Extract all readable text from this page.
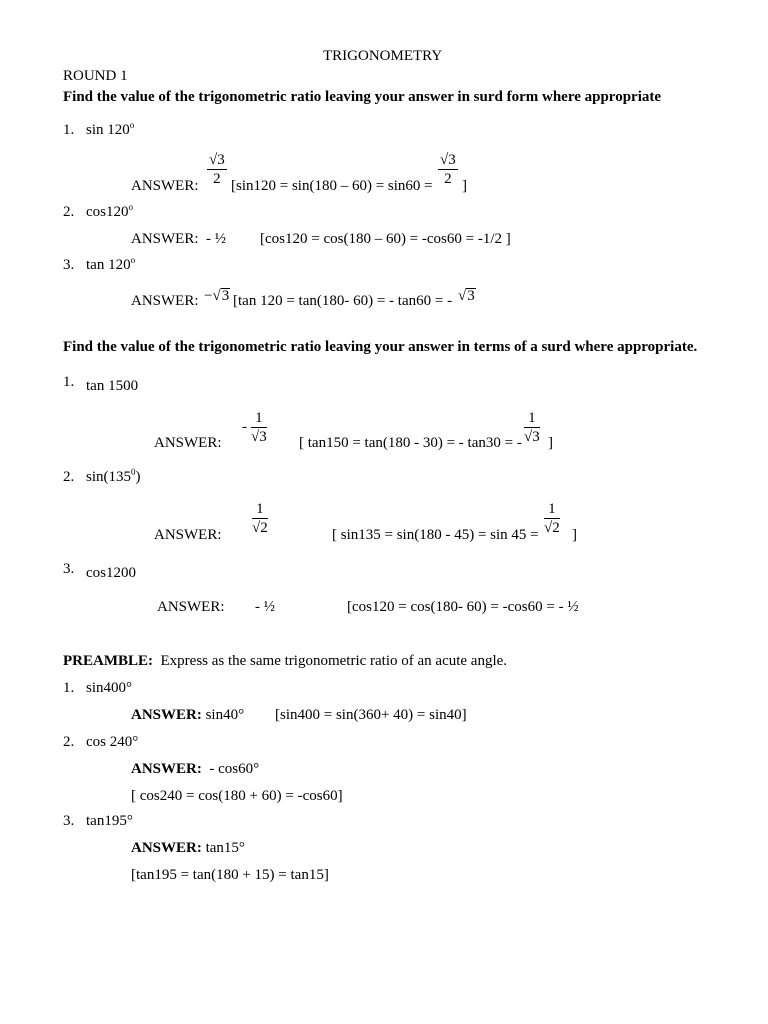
TRIGONOMETRY
ROUND 1
Find the value of the trigonometric ratio leaving your answer in surd form where appropriate
1. sin 120$^o$
ANSWER: $\frac{√3}{2} [\sin 120 = \sin(180 - 60) = \sin 60 = \frac{√3}{2}$ ]
2. cos120$^o$
ANSWER: - ½ [cos120 = cos(180 – 60) = -cos60 = -1/2 ]
3. tan 120$^o$
ANSWER: −√3 [tan 120 = tan(180- 60) = - tan60 = - √3
Find the value of the trigonometric ratio leaving your answer in terms of a surd where appropriate.
1. tan 1500
ANSWER:
- $\frac{1}{√3}$ [ tan150 = tan(180 - 30) = - tan30 = - $\frac{1}{√3}$ ]
2. $\sin(135^0)$
ANSWER: $\frac{1}{√2}$	[ $\sin 135 = \sin(180 - 45) = \sin 45 = \frac{1}{√2}$ ]
3. cos1200
ANSWER: - ½	[cos120 = cos(180- 60) = -cos60 = - ½
PREAMBLE: Express as the same trigonometric ratio of an acute angle.
1. sin400°
ANSWER: sin40° [sin400 = sin(360+ 40) = sin40]
2. cos 240°
ANSWER: - cos60°
[ cos240 = cos(180 + 60) = -cos60]
3. tan195°
ANSWER: tan15°
[tan195 = tan(180 + 15) = tan15]
